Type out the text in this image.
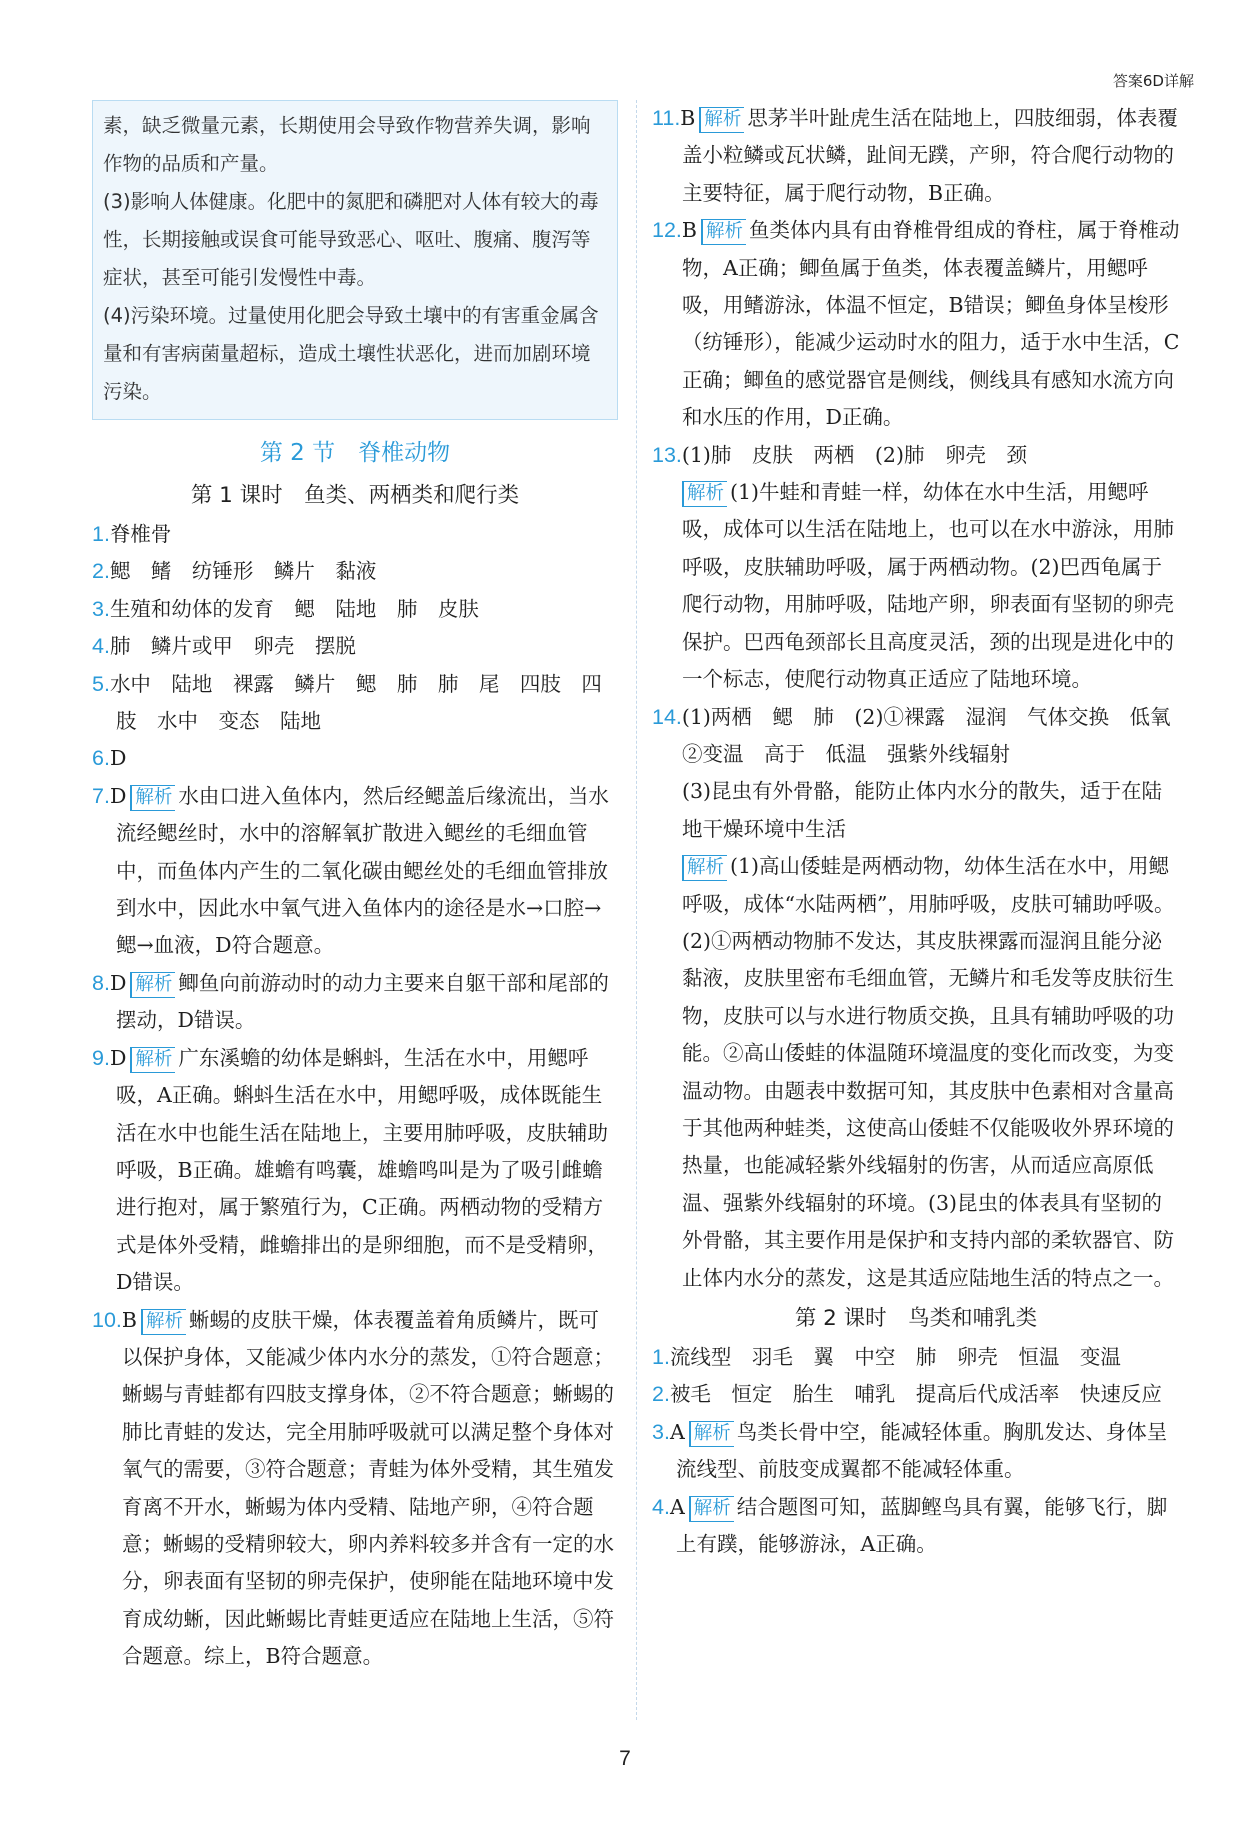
答案6D详解

素，缺乏微量元素，长期使用会导致作物营养失调，影响作物的品质和产量。

(3)影响人体健康。化肥中的氮肥和磷肥对人体有较大的毒性，长期接触或误食可能导致恶心、呕吐、腹痛、腹泻等症状，甚至可能引发慢性中毒。

(4)污染环境。过量使用化肥会导致土壤中的有害重金属含量和有害病菌量超标，造成土壤性状恶化，进而加剧环境污染。

第 2 节　脊椎动物
第 1 课时　鱼类、两栖类和爬行类

1.脊椎骨

2.鳃　鳍　纺锤形　鳞片　黏液

3.生殖和幼体的发育　鳃　陆地　肺　皮肤

4.肺　鳞片或甲　卵壳　摆脱

5.水中　陆地　裸露　鳞片　鳃　肺　肺　尾　四肢　四肢　水中　变态　陆地

6.D

7.D 解析 水由口进入鱼体内，然后经鳃盖后缘流出，当水流经鳃丝时，水中的溶解氧扩散进入鳃丝的毛细血管中，而鱼体内产生的二氧化碳由鳃丝处的毛细血管排放到水中，因此水中氧气进入鱼体内的途径是水→口腔→鳃→血液，D符合题意。

8.D 解析 鲫鱼向前游动时的动力主要来自躯干部和尾部的摆动，D错误。

9.D 解析 广东溪蟾的幼体是蝌蚪，生活在水中，用鳃呼吸，A正确。蝌蚪生活在水中，用鳃呼吸，成体既能生活在水中也能生活在陆地上，主要用肺呼吸，皮肤辅助呼吸，B正确。雄蟾有鸣囊，雄蟾鸣叫是为了吸引雌蟾进行抱对，属于繁殖行为，C正确。两栖动物的受精方式是体外受精，雌蟾排出的是卵细胞，而不是受精卵，D错误。

10.B 解析 蜥蜴的皮肤干燥，体表覆盖着角质鳞片，既可以保护身体，又能减少体内水分的蒸发，①符合题意；蜥蜴与青蛙都有四肢支撑身体，②不符合题意；蜥蜴的肺比青蛙的发达，完全用肺呼吸就可以满足整个身体对氧气的需要，③符合题意；青蛙为体外受精，其生殖发育离不开水，蜥蜴为体内受精、陆地产卵，④符合题意；蜥蜴的受精卵较大，卵内养料较多并含有一定的水分，卵表面有坚韧的卵壳保护，使卵能在陆地环境中发育成幼蜥，因此蜥蜴比青蛙更适应在陆地上生活，⑤符合题意。综上，B符合题意。

11.B 解析 思茅半叶趾虎生活在陆地上，四肢细弱，体表覆盖小粒鳞或瓦状鳞，趾间无蹼，产卵，符合爬行动物的主要特征，属于爬行动物，B正确。

12.B 解析 鱼类体内具有由脊椎骨组成的脊柱，属于脊椎动物，A正确；鲫鱼属于鱼类，体表覆盖鳞片，用鳃呼吸，用鳍游泳，体温不恒定，B错误；鲫鱼身体呈梭形（纺锤形），能减少运动时水的阻力，适于水中生活，C正确；鲫鱼的感觉器官是侧线，侧线具有感知水流方向和水压的作用，D正确。

13.(1)肺　皮肤　两栖　(2)肺　卵壳　颈
解析 (1)牛蛙和青蛙一样，幼体在水中生活，用鳃呼吸，成体可以生活在陆地上，也可以在水中游泳，用肺呼吸，皮肤辅助呼吸，属于两栖动物。(2)巴西龟属于爬行动物，用肺呼吸，陆地产卵，卵表面有坚韧的卵壳保护。巴西龟颈部长且高度灵活，颈的出现是进化中的一个标志，使爬行动物真正适应了陆地环境。

14.(1)两栖　鳃　肺　(2)①裸露　湿润　气体交换　低氧　②变温　高于　低温　强紫外线辐射
(3)昆虫有外骨骼，能防止体内水分的散失，适于在陆地干燥环境中生活
解析 (1)高山倭蛙是两栖动物，幼体生活在水中，用鳃呼吸，成体“水陆两栖”，用肺呼吸，皮肤可辅助呼吸。(2)①两栖动物肺不发达，其皮肤裸露而湿润且能分泌黏液，皮肤里密布毛细血管，无鳞片和毛发等皮肤衍生物，皮肤可以与水进行物质交换，且具有辅助呼吸的功能。②高山倭蛙的体温随环境温度的变化而改变，为变温动物。由题表中数据可知，其皮肤中色素相对含量高于其他两种蛙类，这使高山倭蛙不仅能吸收外界环境的热量，也能减轻紫外线辐射的伤害，从而适应高原低温、强紫外线辐射的环境。(3)昆虫的体表具有坚韧的外骨骼，其主要作用是保护和支持内部的柔软器官、防止体内水分的蒸发，这是其适应陆地生活的特点之一。

第 2 课时　鸟类和哺乳类

1.流线型　羽毛　翼　中空　肺　卵壳　恒温　变温

2.被毛　恒定　胎生　哺乳　提高后代成活率　快速反应

3.A 解析 鸟类长骨中空，能减轻体重。胸肌发达、身体呈流线型、前肢变成翼都不能减轻体重。

4.A 解析 结合题图可知，蓝脚鲣鸟具有翼，能够飞行，脚上有蹼，能够游泳，A正确。

7
